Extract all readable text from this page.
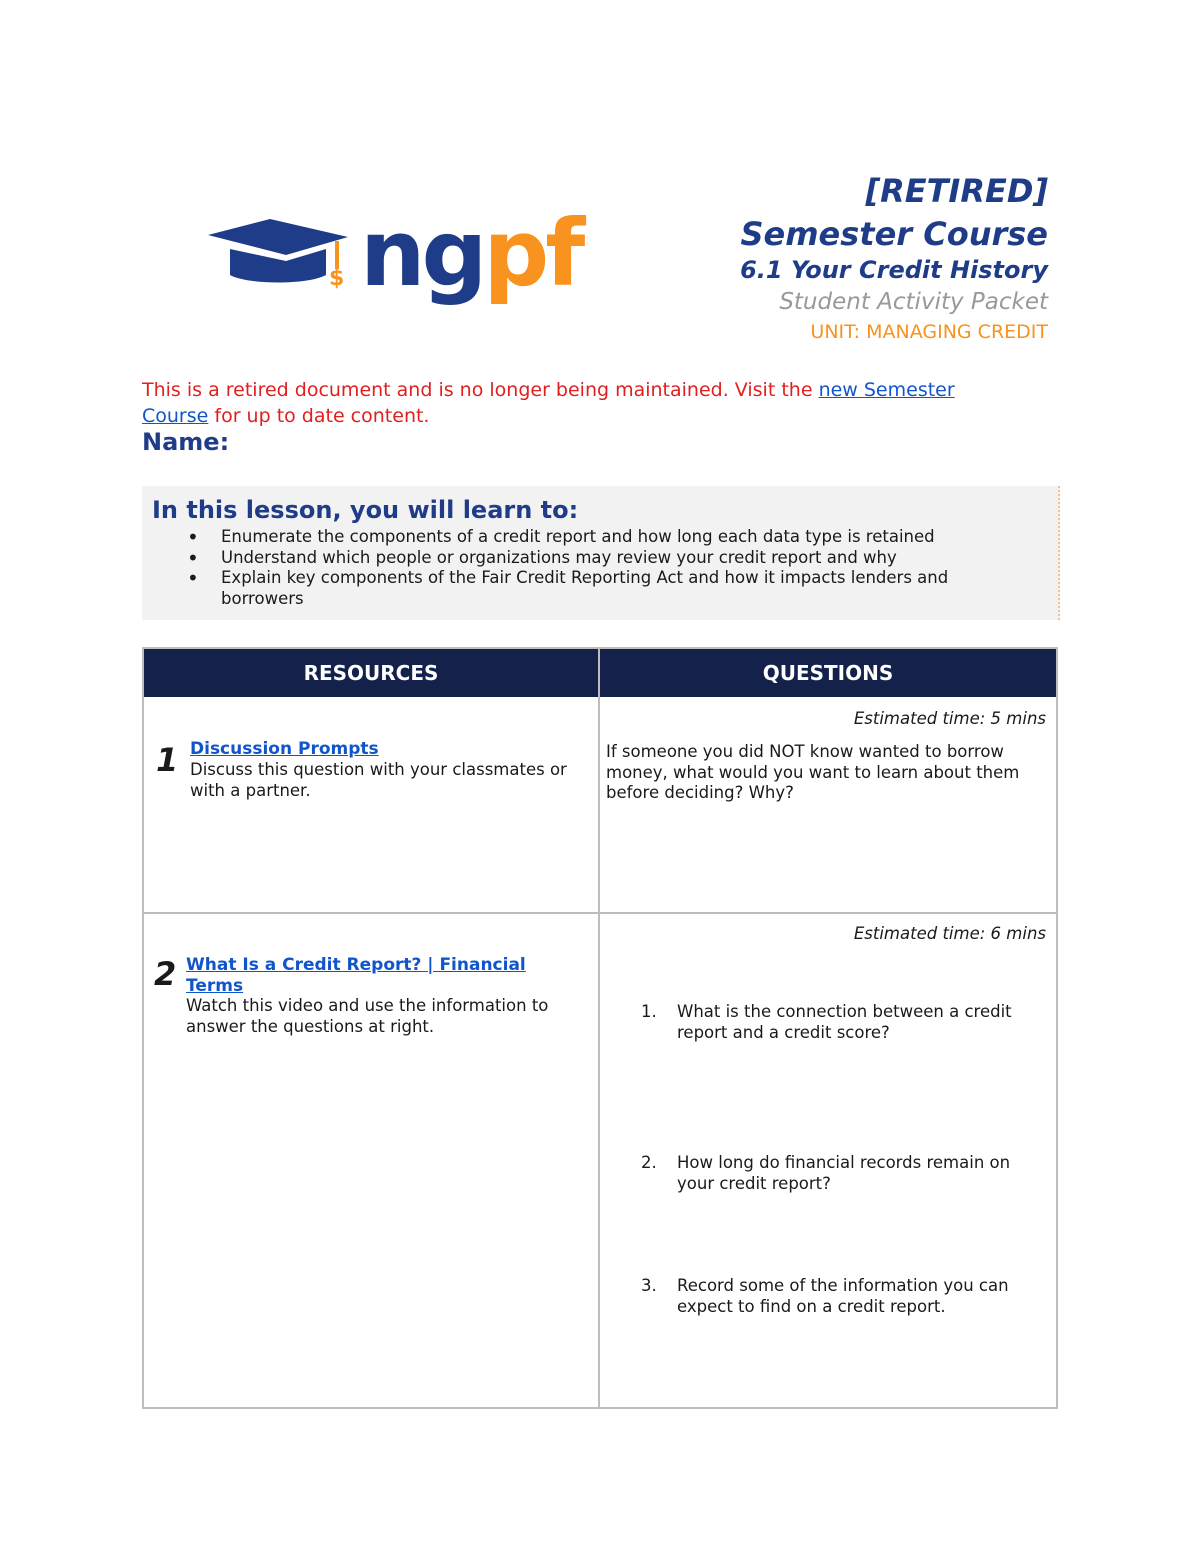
$ ngpf
[RETIRED]
Semester Course
6.1 Your Credit History
Student Activity Packet
UNIT: MANAGING CREDIT
This is a retired document and is no longer being maintained. Visit the new Semester Course for up to date content.
Name:
In this lesson, you will learn to:
• Enumerate the components of a credit report and how long each data type is retained
• Understand which people or organizations may review your credit report and why
• Explain key components of the Fair Credit Reporting Act and how it impacts lenders and borrowers
RESOURCES	QUESTIONS
1 Discussion Prompts
Discuss this question with your classmates or with a partner.
Estimated time: 5 mins
If someone you did NOT know wanted to borrow money, what would you want to learn about them before deciding? Why?
2 What Is a Credit Report? | Financial Terms
Watch this video and use the information to answer the questions at right.
Estimated time: 6 mins
1. What is the connection between a credit report and a credit score?
2. How long do financial records remain on your credit report?
3. Record some of the information you can expect to find on a credit report.
